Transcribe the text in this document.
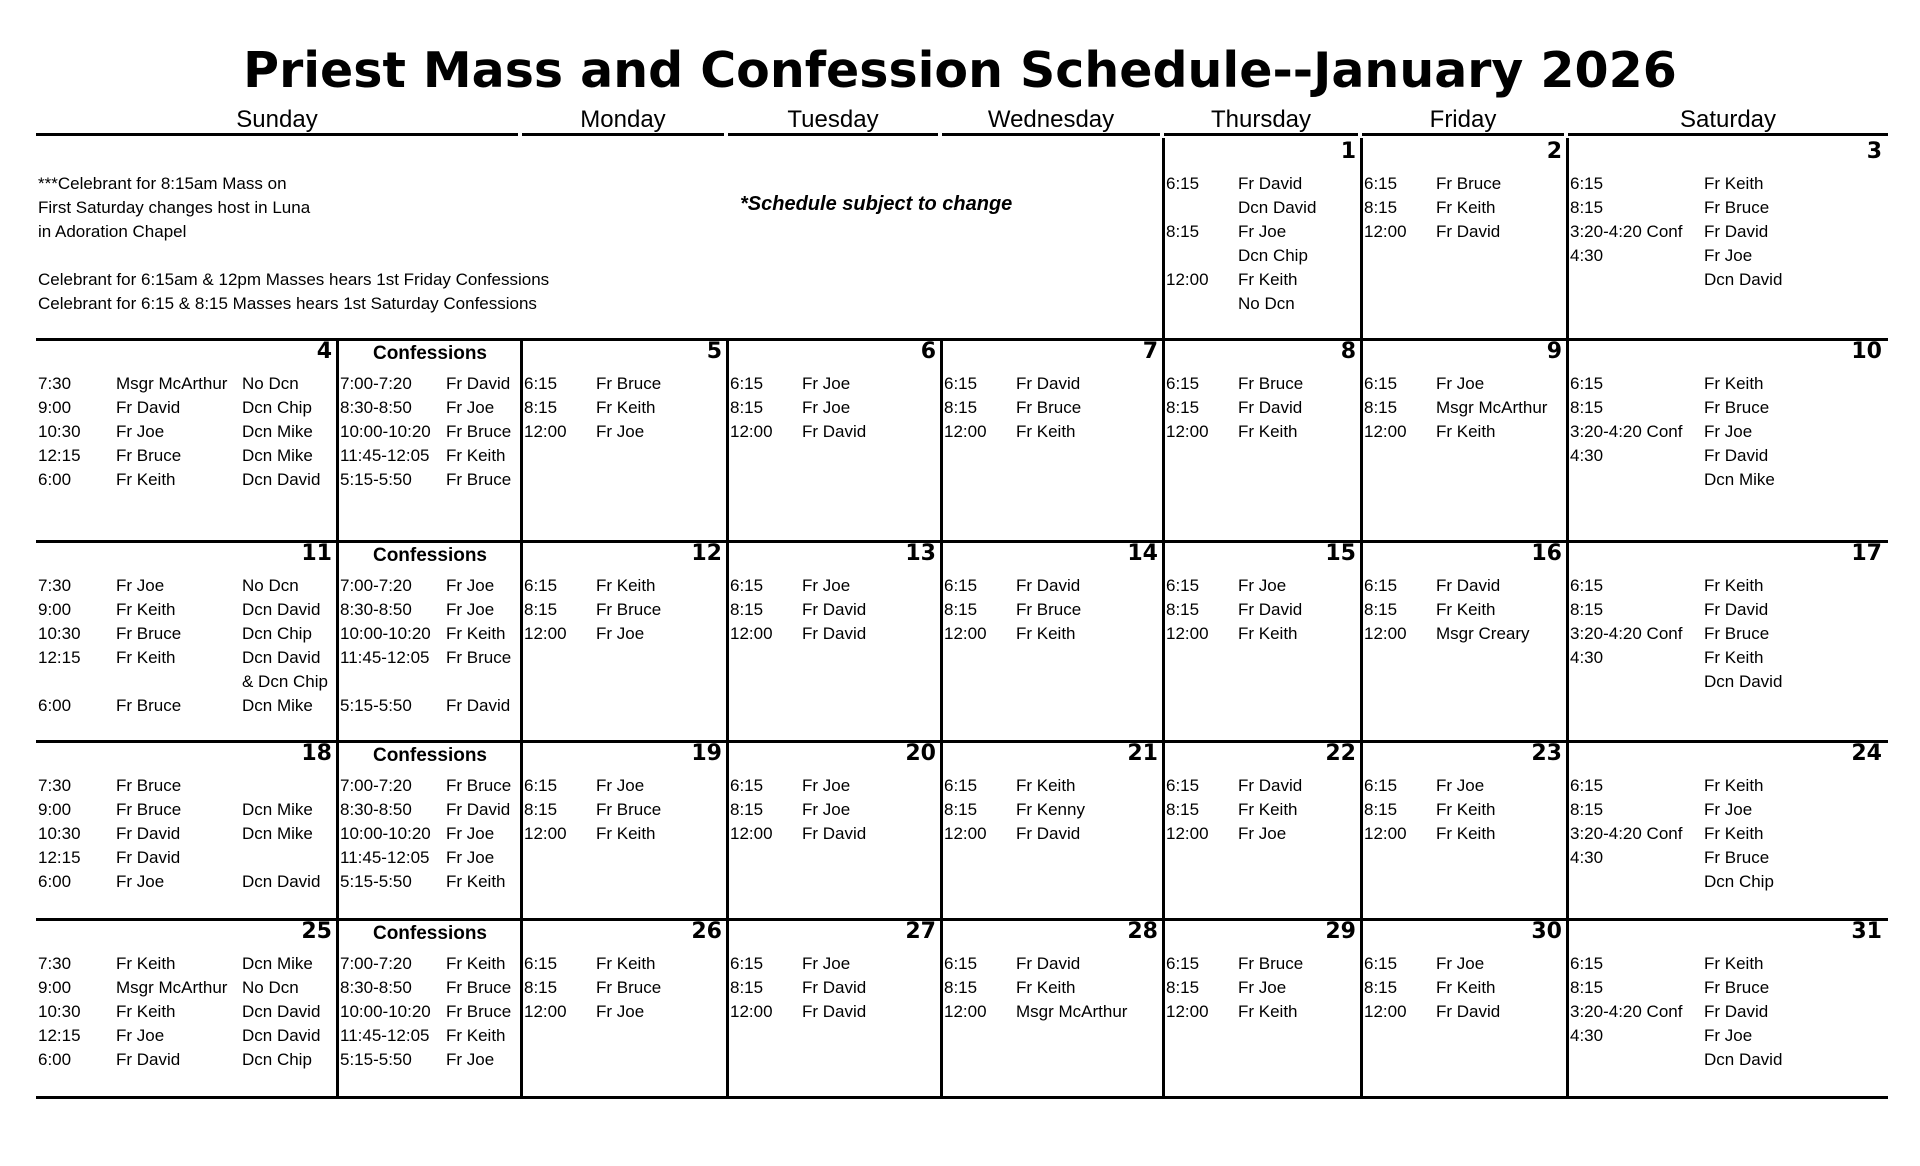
Priest Mass and Confession Schedule--January 2026
Sunday	Monday	Tuesday	Wednesday	Thursday	Friday	Saturday
***Celebrant for 8:15am Mass on
First Saturday changes host in Luna
in Adoration Chapel

Celebrant for 6:15am & 12pm Masses hears 1st Friday Confessions
Celebrant for 6:15 & 8:15 Masses hears 1st Saturday Confessions
*Schedule subject to change
1
6:15 Fr David
Dcn David
8:15 Fr Joe
Dcn Chip
12:00 Fr Keith
No Dcn
2
6:15 Fr Bruce
8:15 Fr Keith
12:00 Fr David
3
6:15	Fr Keith
8:15	Fr Bruce
3:20-4:20 Conf Fr David
4:30	Fr Joe
Dcn David
4
7:30	Msgr McArthur No Dcn
9:00	Fr David	Dcn Chip
10:30 Fr Joe	Dcn Mike
12:15 Fr Bruce	Dcn Mike
6:00	Fr Keith	Dcn David
Confessions
7:00-7:20 Fr David
8:30-8:50 Fr Joe
10:00-10:20 Fr Bruce
11:45-12:05 Fr Keith
5:15-5:50 Fr Bruce
5
6:15 Fr Bruce
8:15 Fr Keith
12:00 Fr Joe
6
6:15 Fr Joe
8:15 Fr Joe
12:00 Fr David
7
6:15 Fr David
8:15 Fr Bruce
12:00 Fr Keith
8
6:15 Fr Bruce
8:15 Fr David
12:00 Fr Keith
9
6:15 Fr Joe
8:15 Msgr McArthur
12:00 Fr Keith
10
6:15	Fr Keith
8:15	Fr Bruce
3:20-4:20 Conf Fr Joe
4:30	Fr David
Dcn Mike
11
7:30	Fr Joe	No Dcn
9:00	Fr Keith	Dcn David
10:30 Fr Bruce	Dcn Chip
12:15 Fr Keith	Dcn David
& Dcn Chip
6:00	Fr Bruce	Dcn Mike
Confessions
7:00-7:20 Fr Joe
8:30-8:50 Fr Joe
10:00-10:20 Fr Keith
11:45-12:05 Fr Bruce
5:15-5:50 Fr David
12
6:15 Fr Keith
8:15 Fr Bruce
12:00 Fr Joe
13
6:15 Fr Joe
8:15 Fr David
12:00 Fr David
14
6:15 Fr David
8:15 Fr Bruce
12:00 Fr Keith
15
6:15 Fr Joe
8:15 Fr David
12:00 Fr Keith
16
6:15 Fr David
8:15 Fr Keith
12:00 Msgr Creary
17
6:15	Fr Keith
8:15	Fr David
3:20-4:20 Conf Fr Bruce
4:30	Fr Keith
Dcn David
18
7:30	Fr Bruce
9:00	Fr Bruce	Dcn Mike
10:30 Fr David	Dcn Mike
12:15 Fr David
6:00	Fr Joe	Dcn David
Confessions
7:00-7:20 Fr Bruce
8:30-8:50 Fr David
10:00-10:20 Fr Joe
11:45-12:05 Fr Joe
5:15-5:50 Fr Keith
19
6:15 Fr Joe
8:15 Fr Bruce
12:00 Fr Keith
20
6:15 Fr Joe
8:15 Fr Joe
12:00 Fr David
21
6:15 Fr Keith
8:15 Fr Kenny
12:00 Fr David
22
6:15 Fr David
8:15 Fr Keith
12:00 Fr Joe
23
6:15 Fr Joe
8:15 Fr Keith
12:00 Fr Keith
24
6:15	Fr Keith
8:15	Fr Joe
3:20-4:20 Conf Fr Keith
4:30	Fr Bruce
Dcn Chip
25
7:30	Fr Keith	Dcn Mike
9:00	Msgr McArthur No Dcn
10:30 Fr Keith	Dcn David
12:15 Fr Joe	Dcn David
6:00	Fr David	Dcn Chip
Confessions
7:00-7:20 Fr Keith
8:30-8:50 Fr Bruce
10:00-10:20 Fr Bruce
11:45-12:05 Fr Keith
5:15-5:50 Fr Joe
26
6:15 Fr Keith
8:15 Fr Bruce
12:00 Fr Joe
27
6:15 Fr Joe
8:15 Fr David
12:00 Fr David
28
6:15 Fr David
8:15 Fr Keith
12:00 Msgr McArthur
29
6:15 Fr Bruce
8:15 Fr Joe
12:00 Fr Keith
30
6:15 Fr Joe
8:15 Fr Keith
12:00 Fr David
31
6:15	Fr Keith
8:15	Fr Bruce
3:20-4:20 Conf Fr David
4:30	Fr Joe
Dcn David
